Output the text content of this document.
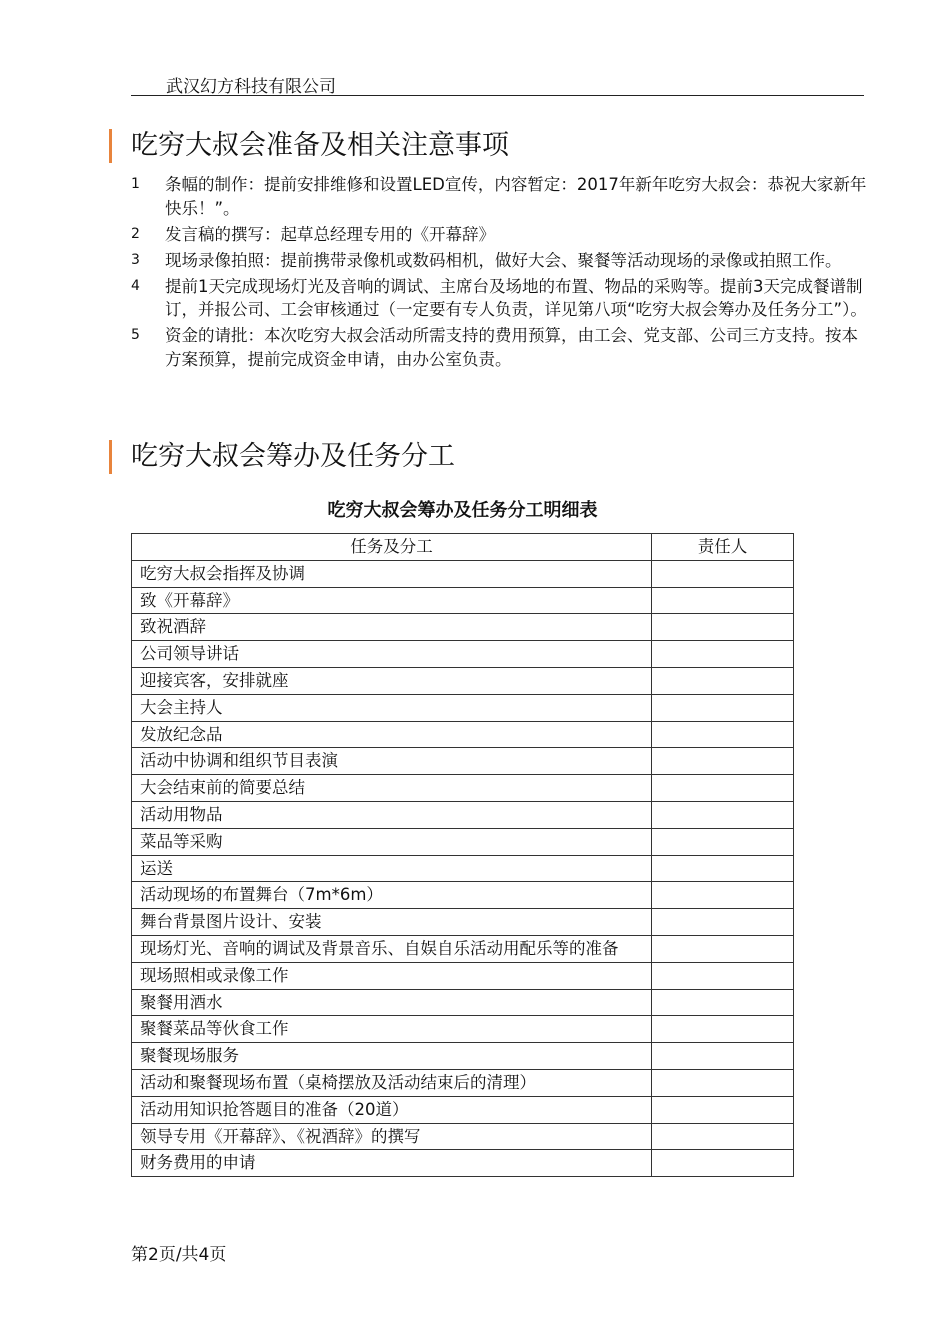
武汉幻方科技有限公司
吃穷大叔会准备及相关注意事项
1	条幅的制作：提前安排维修和设置LED宣传，内容暂定：2017年新年吃穷大叔会：恭祝大家新年快乐！”。
2	发言稿的撰写：起草总经理专用的《开幕辞》
3	现场录像拍照：提前携带录像机或数码相机，做好大会、聚餐等活动现场的录像或拍照工作。
4	提前1天完成现场灯光及音响的调试、主席台及场地的布置、物品的采购等。提前3天完成餐谱制订，并报公司、工会审核通过（一定要有专人负责，详见第八项“吃穷大叔会筹办及任务分工”）。
5	资金的请批：本次吃穷大叔会活动所需支持的费用预算，由工会、党支部、公司三方支持。按本方案预算，提前完成资金申请，由办公室负责。
吃穷大叔会筹办及任务分工
吃穷大叔会筹办及任务分工明细表
任务及分工	责任人
吃穷大叔会指挥及协调	
致《开幕辞》	
致祝酒辞	
公司领导讲话	
迎接宾客，安排就座	
大会主持人	
发放纪念品	
活动中协调和组织节目表演	
大会结束前的简要总结	
活动用物品	
菜品等采购	
运送	
活动现场的布置舞台（7m*6m）	
舞台背景图片设计、安装	
现场灯光、音响的调试及背景音乐、自娱自乐活动用配乐等的准备	
现场照相或录像工作	
聚餐用酒水	
聚餐菜品等伙食工作	
聚餐现场服务	
活动和聚餐现场布置（桌椅摆放及活动结束后的清理）	
活动用知识抢答题目的准备（20道）	
领导专用《开幕辞》、《祝酒辞》的撰写	
财务费用的申请	
第2页/共4页
